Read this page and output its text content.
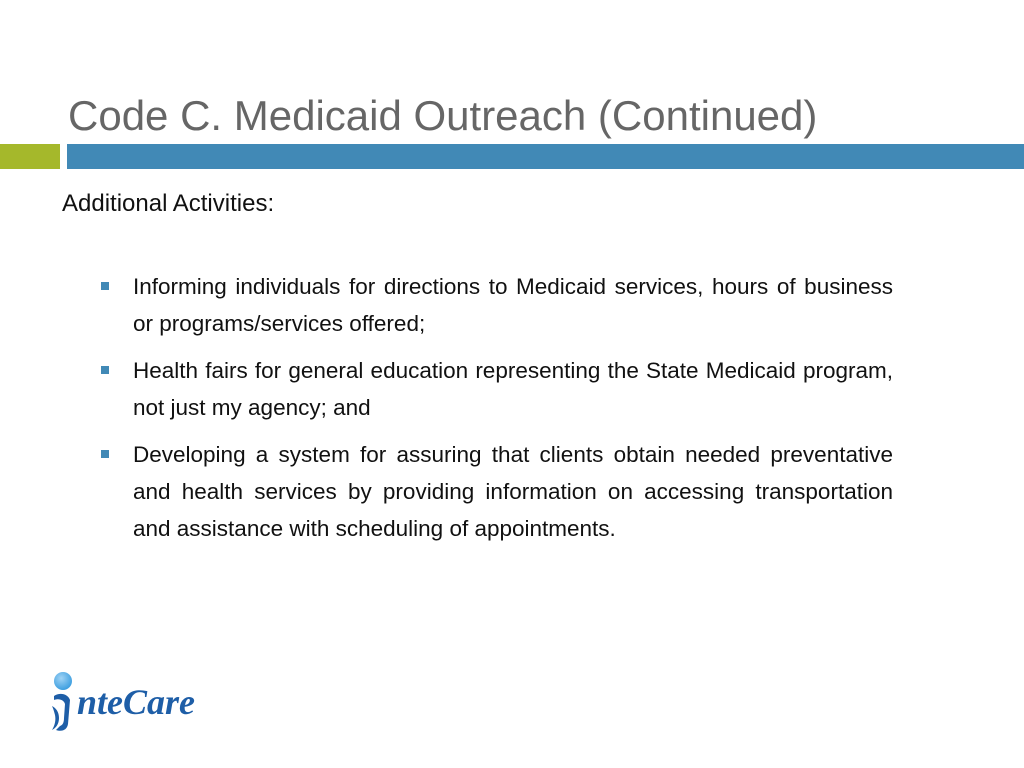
Code C. Medicaid Outreach (Continued)

Additional Activities:

Informing individuals for directions to Medicaid services, hours of business or programs/services offered;
Health fairs for general education representing the State Medicaid program, not just my agency; and
Developing a system for assuring that clients obtain needed preventative and health services by providing information on accessing transportation and assistance with scheduling of appointments.
nteCare
